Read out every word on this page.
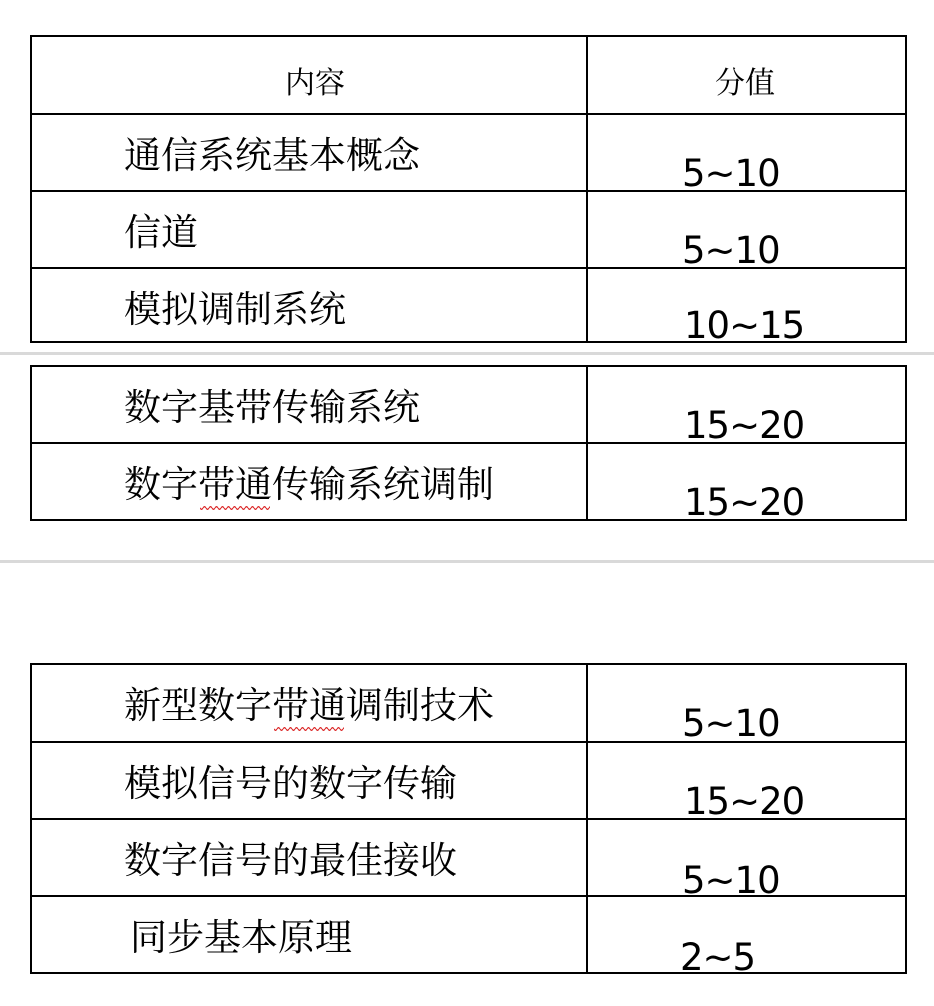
内容	分值

通信系统基本概念	5~10

信道	5~10

模拟调制系统	10~15
数字基带传输系统	15~20

数字带通传输系统调制	15~20
新型数字带通调制技术	5~10

模拟信号的数字传输	15~20

数字信号的最佳接收	5~10

同步基本原理	2~5
